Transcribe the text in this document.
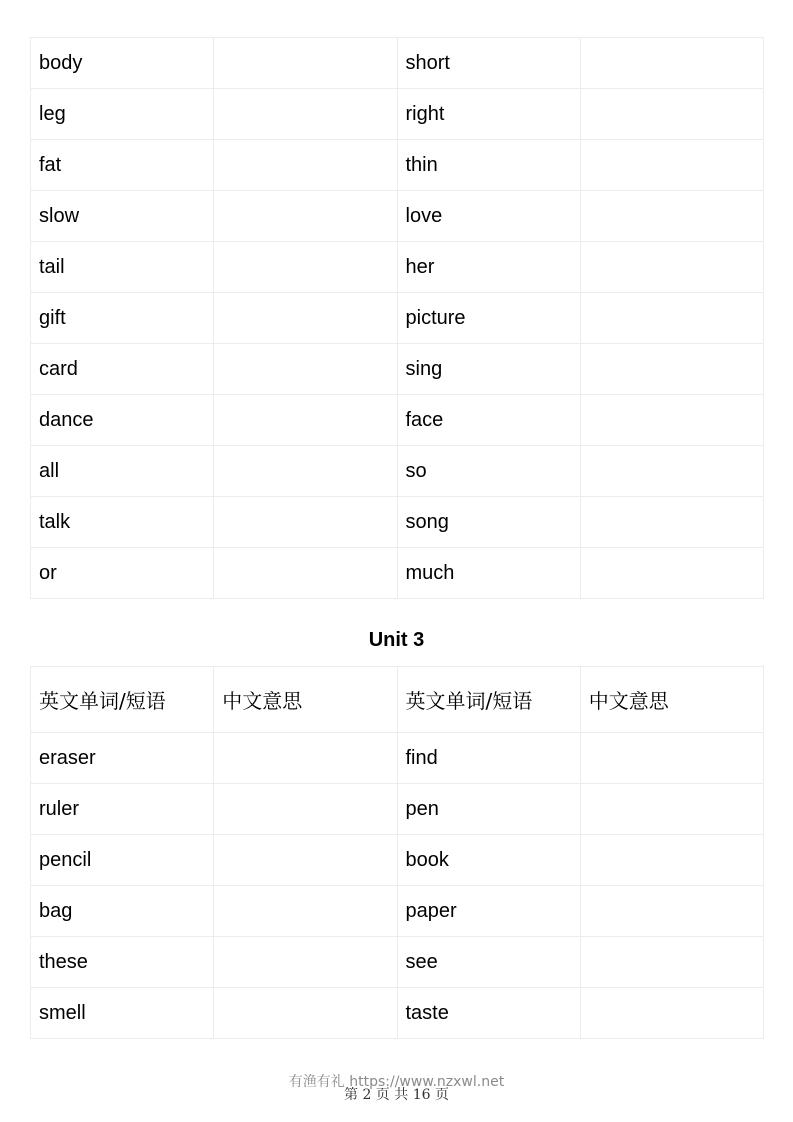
body		short	
leg		right	
fat		thin	
slow		love	
tail		her	
gift		picture	
card		sing	
dance		face	
all		so	
talk		song	
or		much	
Unit 3
英文单词/短语	中文意思	英文单词/短语	中文意思
eraser		find	
ruler		pen	
pencil		book	
bag		paper	
these		see	
smell		taste	
有渔有礼 https://www.nzxwl.net
第 2 页 共 16 页
